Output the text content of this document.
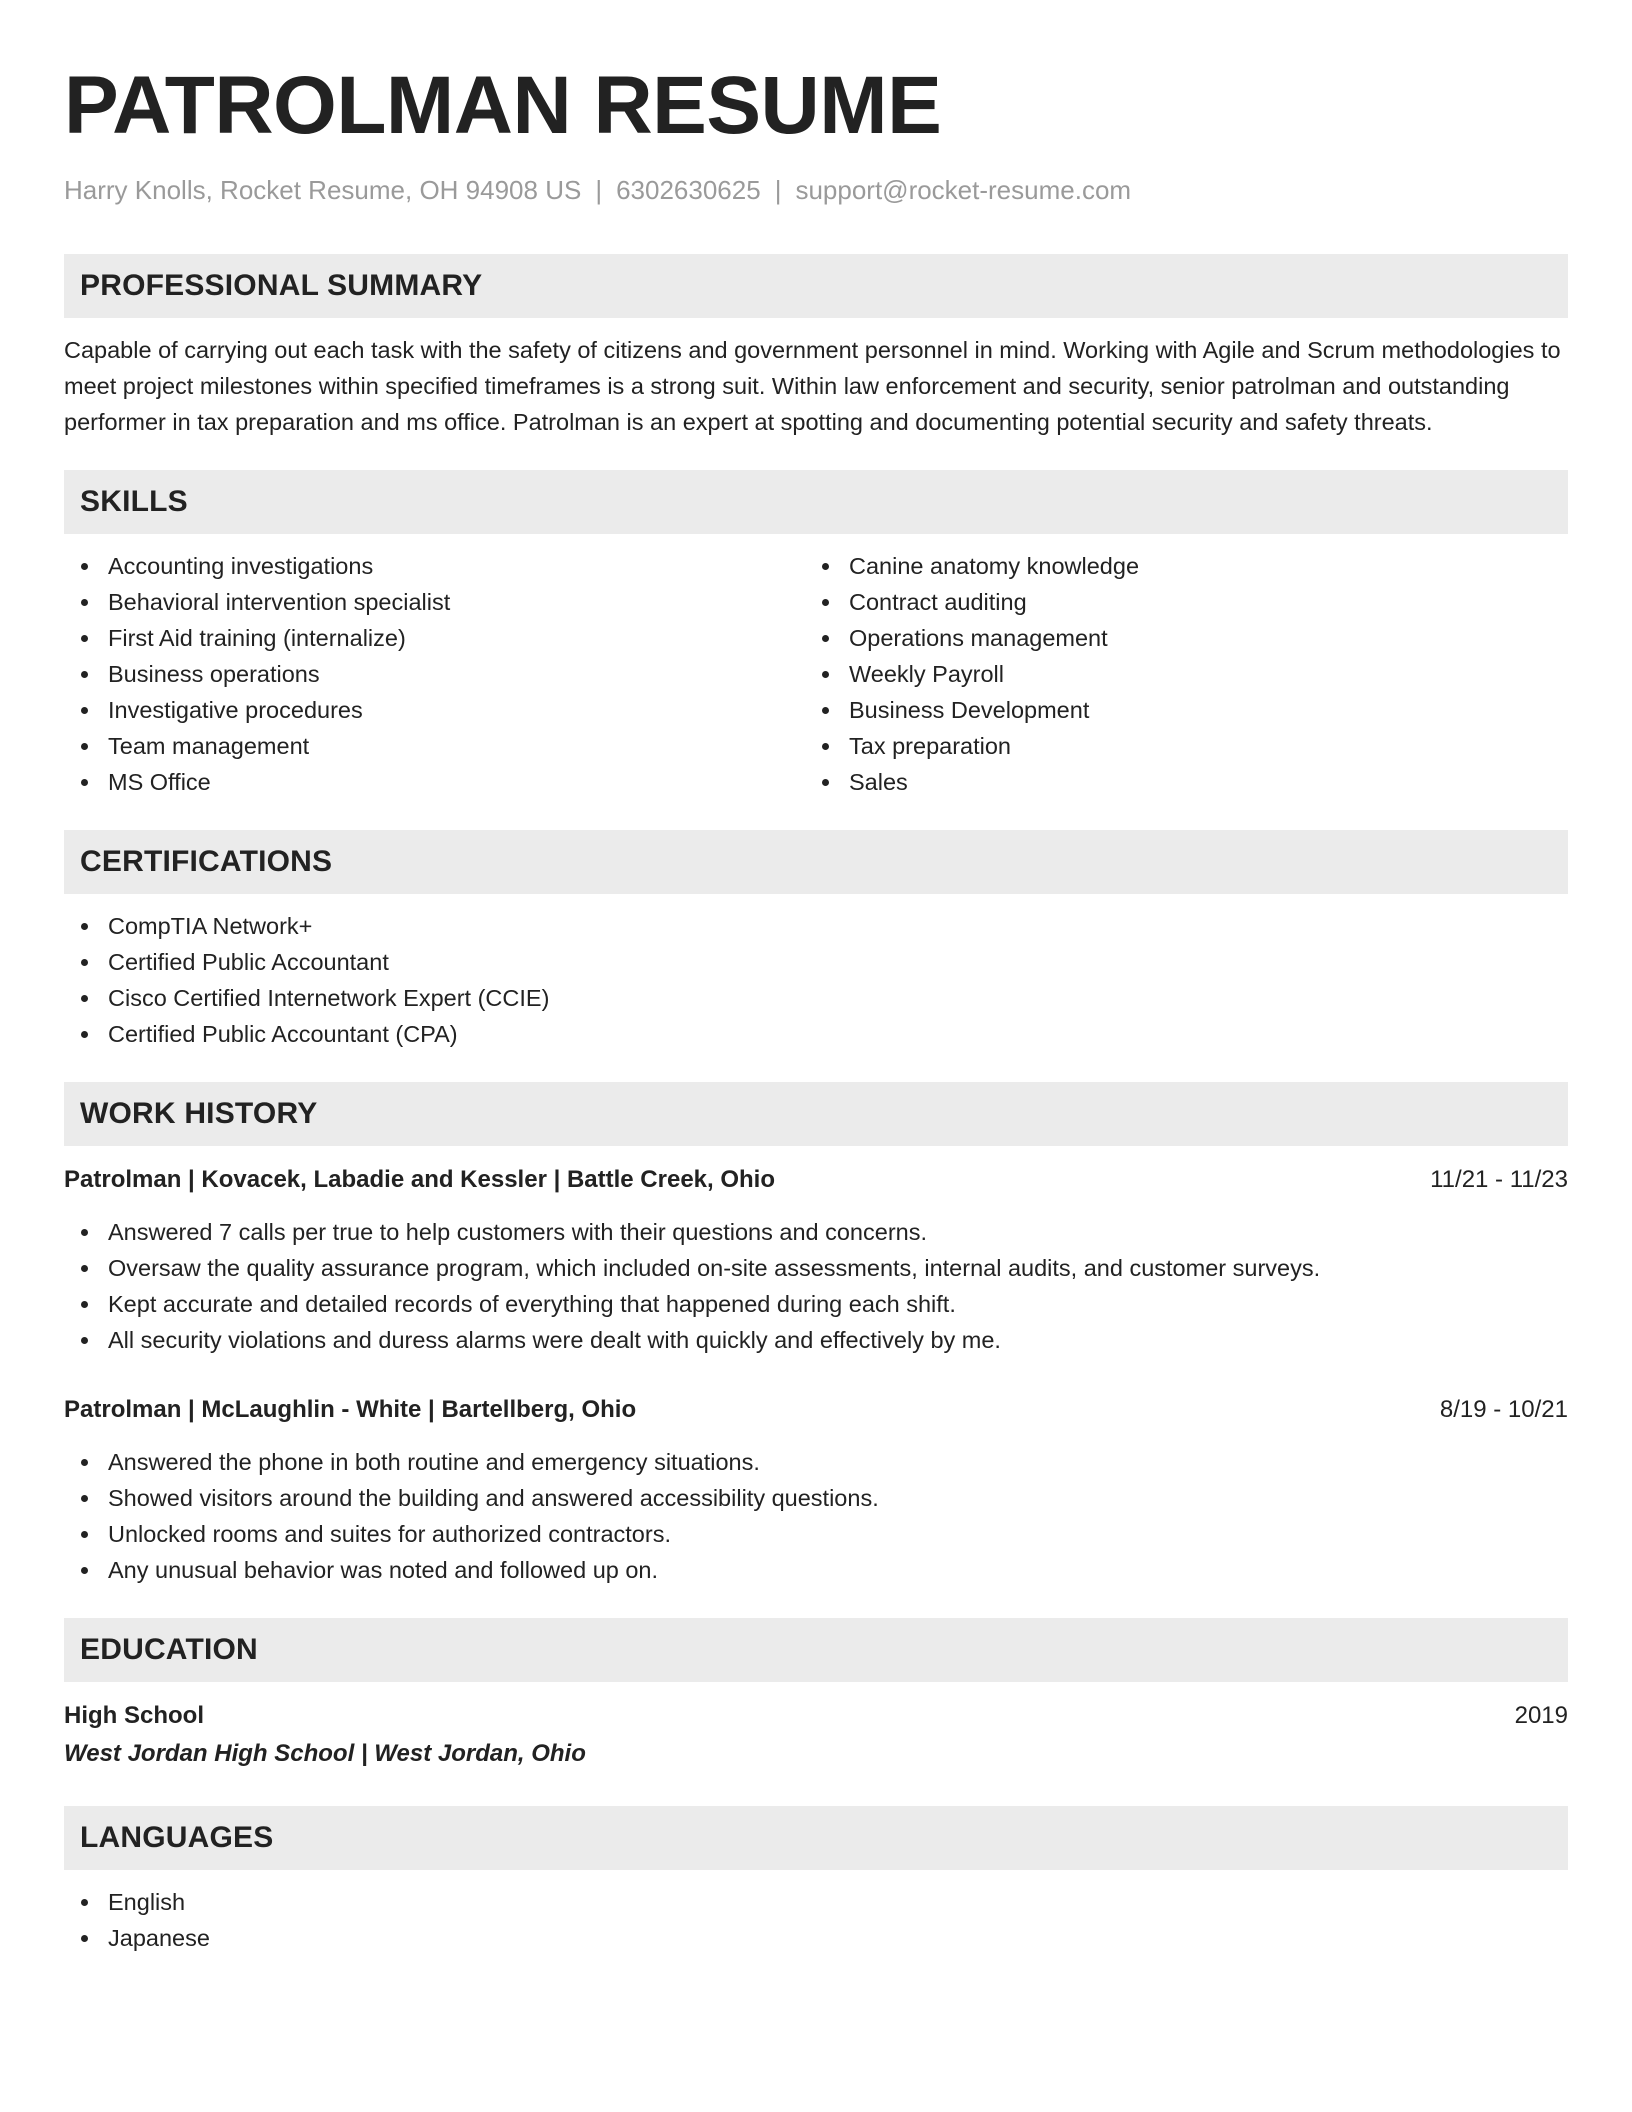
PATROLMAN RESUME
Harry Knolls, Rocket Resume, OH 94908 US | 6302630625 | support@rocket-resume.com
PROFESSIONAL SUMMARY
Capable of carrying out each task with the safety of citizens and government personnel in mind. Working with Agile and Scrum methodologies to meet project milestones within specified timeframes is a strong suit. Within law enforcement and security, senior patrolman and outstanding performer in tax preparation and ms office. Patrolman is an expert at spotting and documenting potential security and safety threats.
SKILLS
Accounting investigations
Behavioral intervention specialist
First Aid training (internalize)
Business operations
Investigative procedures
Team management
MS Office
Canine anatomy knowledge
Contract auditing
Operations management
Weekly Payroll
Business Development
Tax preparation
Sales
CERTIFICATIONS
CompTIA Network+
Certified Public Accountant
Cisco Certified Internetwork Expert (CCIE)
Certified Public Accountant (CPA)
WORK HISTORY
Patrolman | Kovacek, Labadie and Kessler | Battle Creek, Ohio	11/21 - 11/23
Answered 7 calls per true to help customers with their questions and concerns.
Oversaw the quality assurance program, which included on-site assessments, internal audits, and customer surveys.
Kept accurate and detailed records of everything that happened during each shift.
All security violations and duress alarms were dealt with quickly and effectively by me.
Patrolman | McLaughlin - White | Bartellberg, Ohio	8/19 - 10/21
Answered the phone in both routine and emergency situations.
Showed visitors around the building and answered accessibility questions.
Unlocked rooms and suites for authorized contractors.
Any unusual behavior was noted and followed up on.
EDUCATION
High School	2019
West Jordan High School | West Jordan, Ohio
LANGUAGES
English
Japanese
